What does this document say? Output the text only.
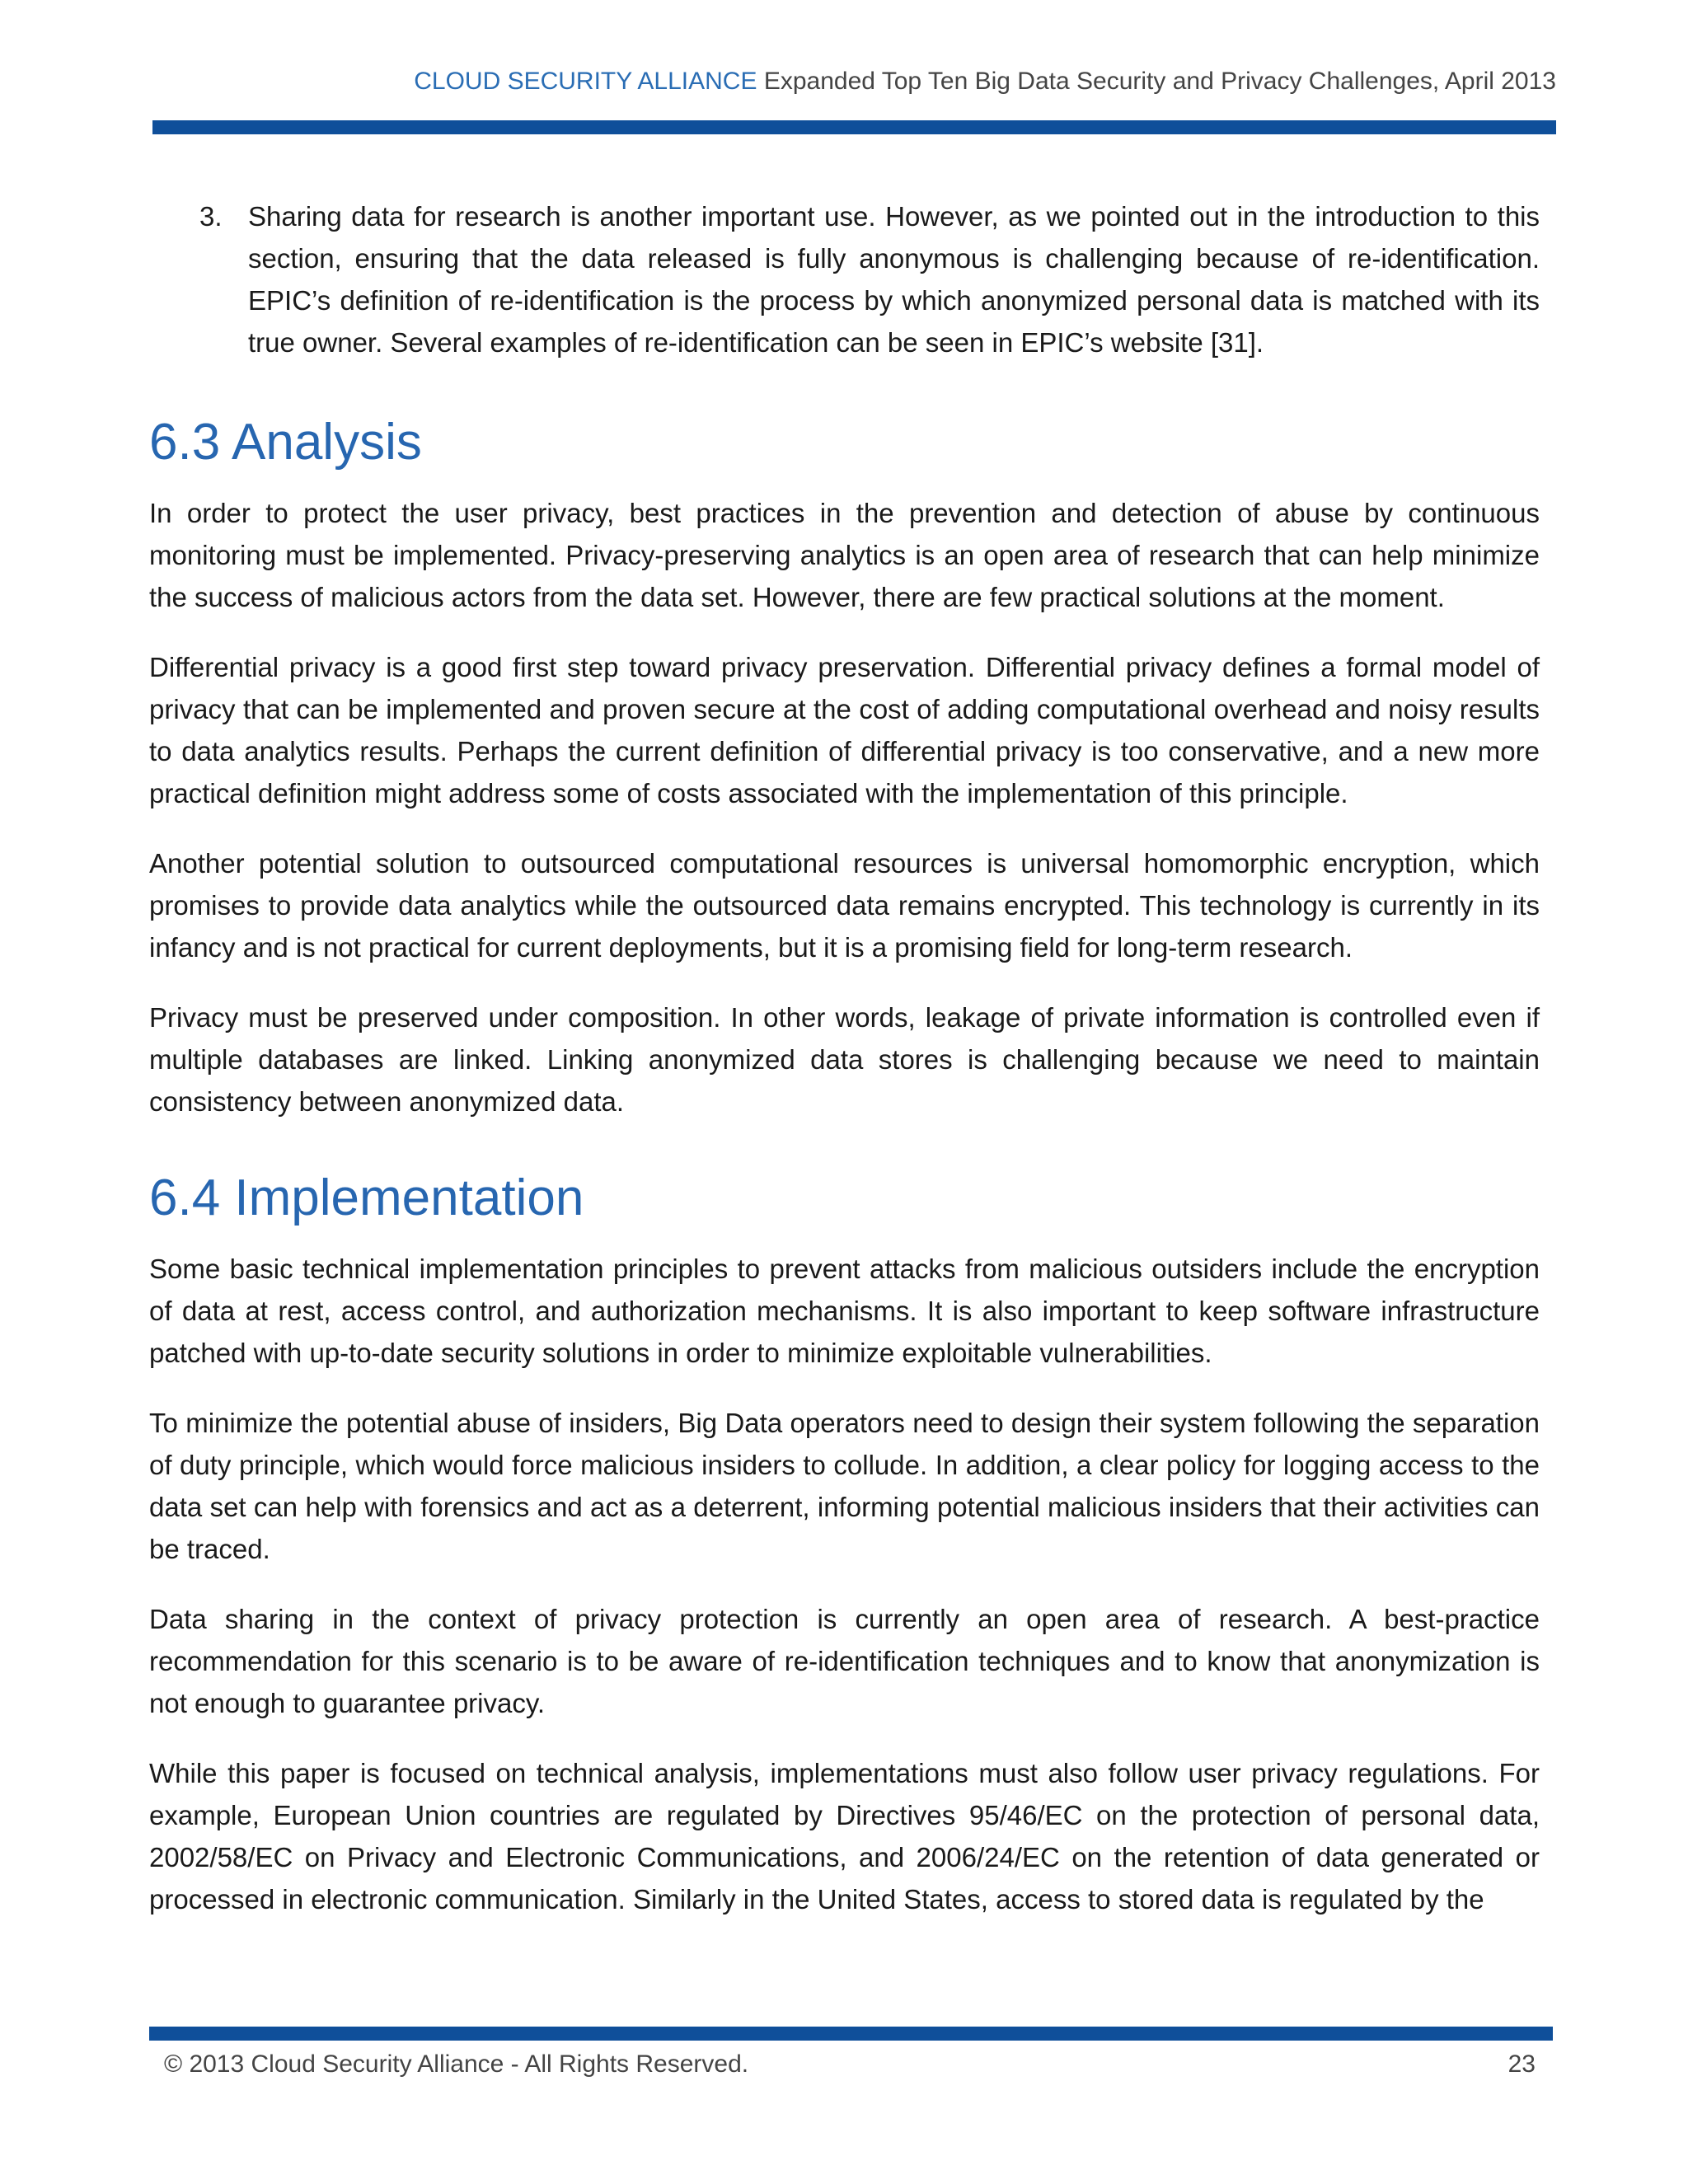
CLOUD SECURITY ALLIANCE Expanded Top Ten Big Data Security and Privacy Challenges, April 2013
3. Sharing data for research is another important use. However, as we pointed out in the introduction to this section, ensuring that the data released is fully anonymous is challenging because of re-identification. EPIC’s definition of re-identification is the process by which anonymized personal data is matched with its true owner. Several examples of re-identification can be seen in EPIC’s website [31].

6.3 Analysis

In order to protect the user privacy, best practices in the prevention and detection of abuse by continuous monitoring must be implemented. Privacy-preserving analytics is an open area of research that can help minimize the success of malicious actors from the data set. However, there are few practical solutions at the moment.

Differential privacy is a good first step toward privacy preservation. Differential privacy defines a formal model of privacy that can be implemented and proven secure at the cost of adding computational overhead and noisy results to data analytics results. Perhaps the current definition of differential privacy is too conservative, and a new more practical definition might address some of costs associated with the implementation of this principle.

Another potential solution to outsourced computational resources is universal homomorphic encryption, which promises to provide data analytics while the outsourced data remains encrypted. This technology is currently in its infancy and is not practical for current deployments, but it is a promising field for long-term research.

Privacy must be preserved under composition. In other words, leakage of private information is controlled even if multiple databases are linked. Linking anonymized data stores is challenging because we need to maintain consistency between anonymized data.

6.4 Implementation

Some basic technical implementation principles to prevent attacks from malicious outsiders include the encryption of data at rest, access control, and authorization mechanisms. It is also important to keep software infrastructure patched with up-to-date security solutions in order to minimize exploitable vulnerabilities.

To minimize the potential abuse of insiders, Big Data operators need to design their system following the separation of duty principle, which would force malicious insiders to collude. In addition, a clear policy for logging access to the data set can help with forensics and act as a deterrent, informing potential malicious insiders that their activities can be traced.

Data sharing in the context of privacy protection is currently an open area of research. A best-practice recommendation for this scenario is to be aware of re-identification techniques and to know that anonymization is not enough to guarantee privacy.

While this paper is focused on technical analysis, implementations must also follow user privacy regulations. For example, European Union countries are regulated by Directives 95/46/EC on the protection of personal data, 2002/58/EC on Privacy and Electronic Communications, and 2006/24/EC on the retention of data generated or processed in electronic communication. Similarly in the United States, access to stored data is regulated by the

© 2013 Cloud Security Alliance - All Rights Reserved.	23
